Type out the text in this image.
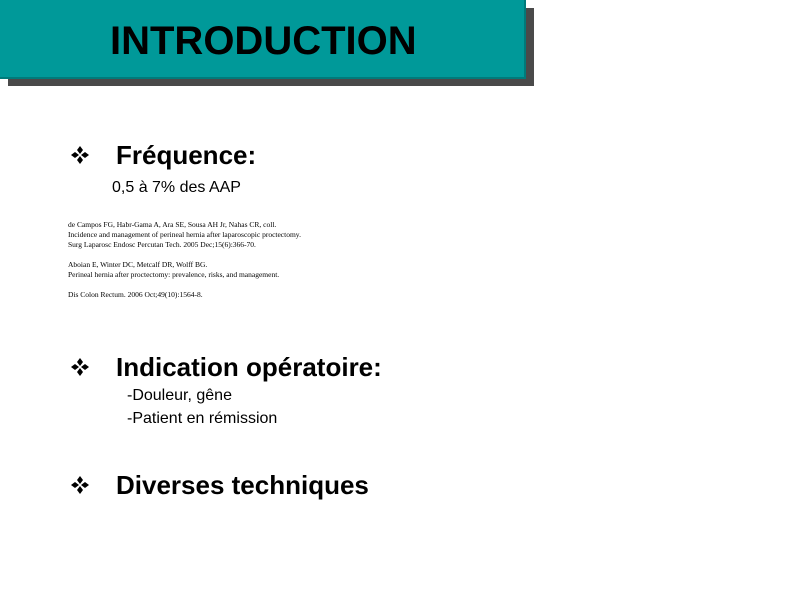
INTRODUCTION
Fréquence:
0,5 à 7% des AAP
de Campos FG, Habr-Gama A, Ara SE, Sousa AH Jr, Nahas CR, coll.
Incidence and management of perineal hernia after laparoscopic proctectomy.
Surg Laparosc Endosc Percutan Tech. 2005 Dec;15(6):366-70.
Aboian E, Winter DC, Metcalf DR, Wolff BG.
Perineal hernia after proctectomy: prevalence, risks, and management.
Dis Colon Rectum. 2006 Oct;49(10):1564-8.
Indication opératoire:
-Douleur, gêne
-Patient en rémission
Diverses techniques
